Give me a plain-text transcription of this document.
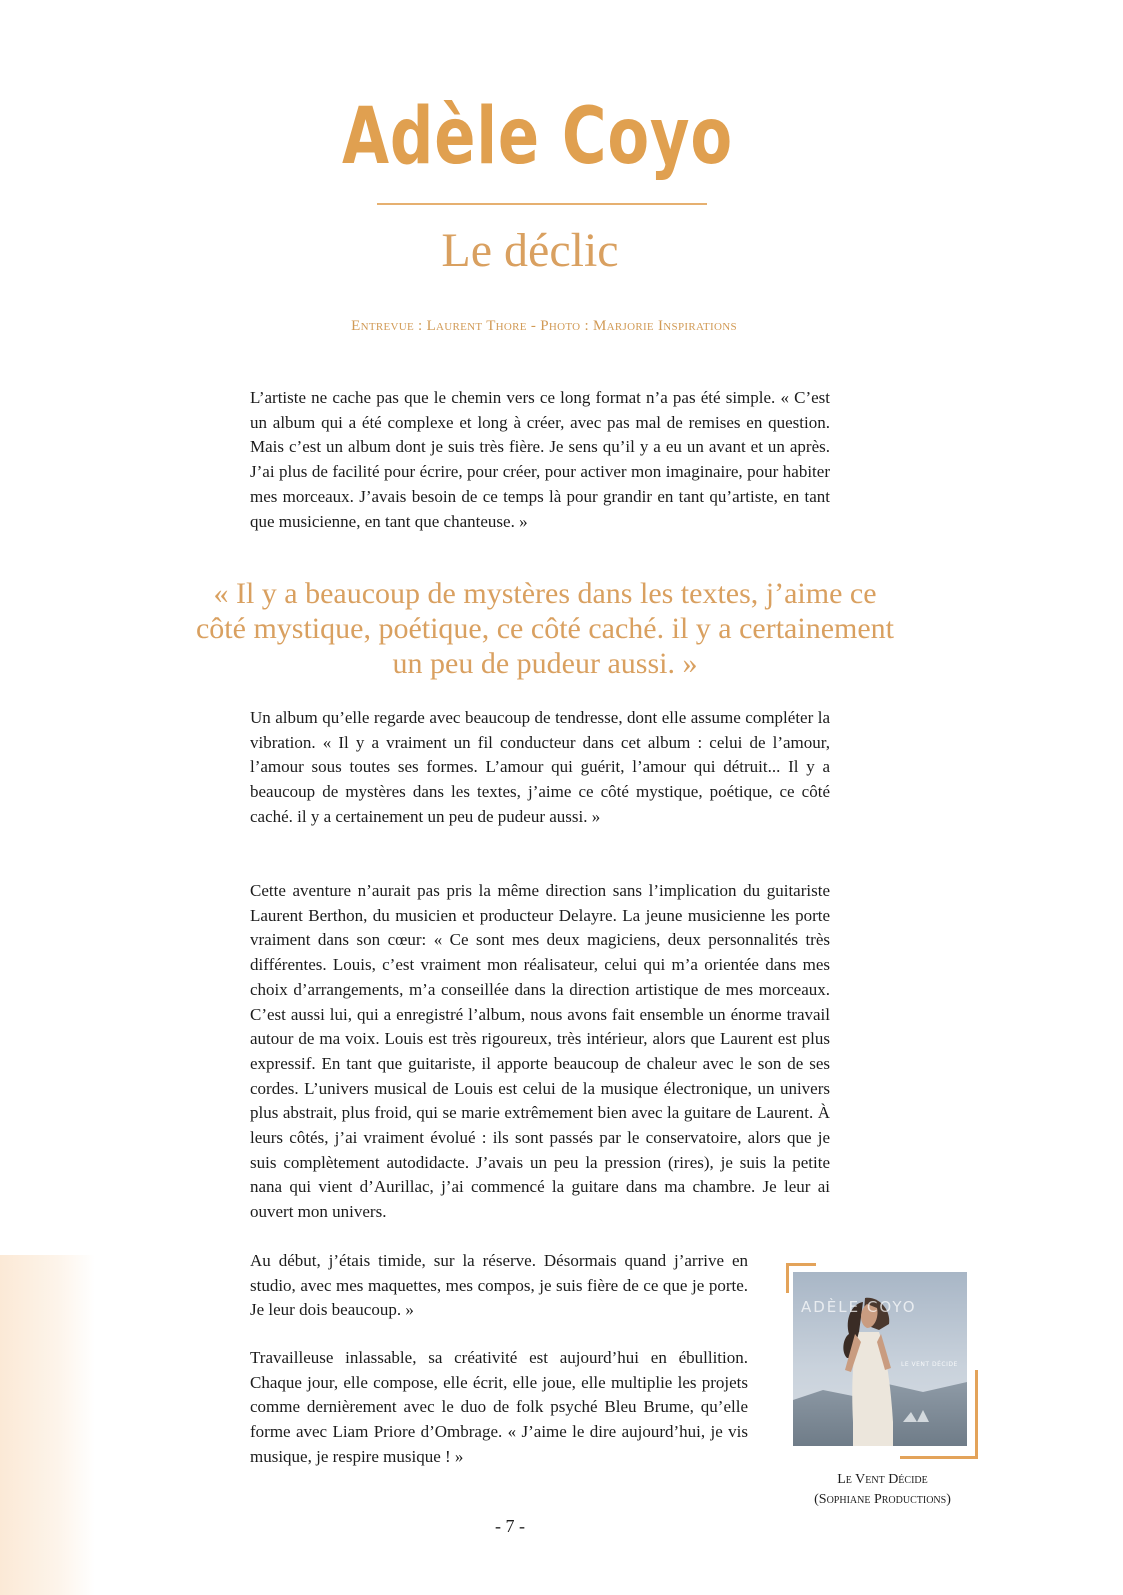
Adèle Coyo
Le déclic
Entrevue : Laurent Thore - Photo : Marjorie Inspirations

L’artiste ne cache pas que le chemin vers ce long format n’a pas été simple. « C’est un album qui a été complexe et long à créer, avec pas mal de remises en question. Mais c’est un album dont je suis très fière. Je sens qu’il y a eu un avant et un après. J’ai plus de facilité pour écrire, pour créer, pour activer mon imaginaire, pour habiter mes morceaux. J’avais besoin de ce temps là pour grandir en tant qu’artiste, en tant que musicienne, en tant que chanteuse. »

« Il y a beaucoup de mystères dans les textes, j’aime ce côté mystique, poétique, ce côté caché. il y a certainement un peu de pudeur aussi. »

Un album qu’elle regarde avec beaucoup de tendresse, dont elle assume compléter la vibration. « Il y a vraiment un fil conducteur dans cet album : celui de l’amour, l’amour sous toutes ses formes. L’amour qui guérit, l’amour qui détruit... Il y a beaucoup de mystères dans les textes, j’aime ce côté mystique, poétique, ce côté caché. il y a certainement un peu de pudeur aussi. »

Cette aventure n’aurait pas pris la même direction sans l’implication du guitariste Laurent Berthon, du musicien et producteur Delayre. La jeune musicienne les porte vraiment dans son cœur: « Ce sont mes deux magiciens, deux personnalités très différentes. Louis, c’est vraiment mon réalisateur, celui qui m’a orientée dans mes choix d’arrangements, m’a conseillée dans la direction artistique de mes morceaux. C’est aussi lui, qui a enregistré l’album, nous avons fait ensemble un énorme travail autour de ma voix. Louis est très rigoureux, très intérieur, alors que Laurent est plus expressif. En tant que guitariste, il apporte beaucoup de chaleur avec le son de ses cordes. L’univers musical de Louis est celui de la musique électronique, un univers plus abstrait, plus froid, qui se marie extrêmement bien avec la guitare de Laurent. À leurs côtés, j’ai vraiment évolué : ils sont passés par le conservatoire, alors que je suis complètement autodidacte. J’avais un peu la pression (rires), je suis la petite nana qui vient d’Aurillac, j’ai commencé la guitare dans ma chambre. Je leur ai ouvert mon univers.

Au début, j’étais timide, sur la réserve. Désormais quand j’arrive en studio, avec mes maquettes, mes compos, je suis fière de ce que je porte. Je leur dois beaucoup. »

Travailleuse inlassable, sa créativité est aujourd’hui en ébullition. Chaque jour, elle compose, elle écrit, elle joue, elle multiplie les projets comme dernièrement avec le duo de folk psyché Bleu Brume, qu’elle forme avec Liam Priore d’Ombrage. « J’aime le dire aujourd’hui, je vis musique, je respire musique ! »

ADÈLE COYO
LE VENT DÉCIDE
Le Vent Décide
(Sophiane Productions)
- 7 -
